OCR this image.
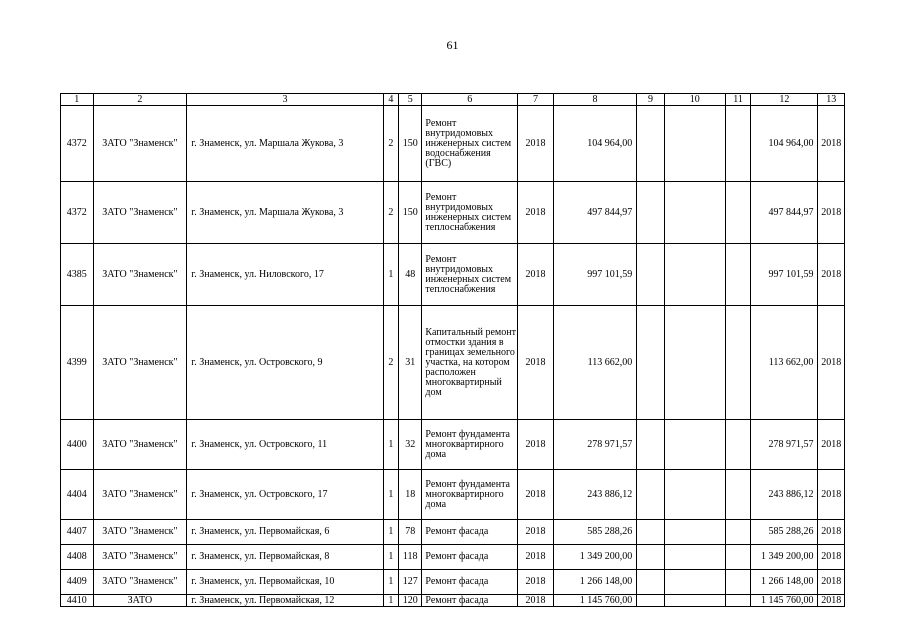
61
1	2	3	4	5	6	7	8	9	10	11	12	13
4372	ЗАТО "Знаменск"	г. Знаменск, ул. Маршала Жукова, 3	2	150	Ремонт внутридомовых инженерных систем водоснабжения (ГВС)	2018	104 964,00				104 964,00	2018
4372	ЗАТО "Знаменск"	г. Знаменск, ул. Маршала Жукова, 3	2	150	Ремонт внутридомовых инженерных систем теплоснабжения	2018	497 844,97				497 844,97	2018
4385	ЗАТО "Знаменск"	г. Знаменск, ул. Ниловского, 17	1	48	Ремонт внутридомовых инженерных систем теплоснабжения	2018	997 101,59				997 101,59	2018
4399	ЗАТО "Знаменск"	г. Знаменск, ул. Островского, 9	2	31	Капитальный ремонт отмостки здания в границах земельного участка, на котором расположен многоквартирный дом	2018	113 662,00				113 662,00	2018
4400	ЗАТО "Знаменск"	г. Знаменск, ул. Островского, 11	1	32	Ремонт фундамента многоквартирного дома	2018	278 971,57				278 971,57	2018
4404	ЗАТО "Знаменск"	г. Знаменск, ул. Островского, 17	1	18	Ремонт фундамента многоквартирного дома	2018	243 886,12				243 886,12	2018
4407	ЗАТО "Знаменск"	г. Знаменск, ул. Первомайская, 6	1	78	Ремонт фасада	2018	585 288,26				585 288,26	2018
4408	ЗАТО "Знаменск"	г. Знаменск, ул. Первомайская, 8	1	118	Ремонт фасада	2018	1 349 200,00				1 349 200,00	2018
4409	ЗАТО "Знаменск"	г. Знаменск, ул. Первомайская, 10	1	127	Ремонт фасада	2018	1 266 148,00				1 266 148,00	2018
4410	ЗАТО	г. Знаменск, ул. Первомайская, 12	1	120	Ремонт фасада	2018	1 145 760,00				1 145 760,00	2018
